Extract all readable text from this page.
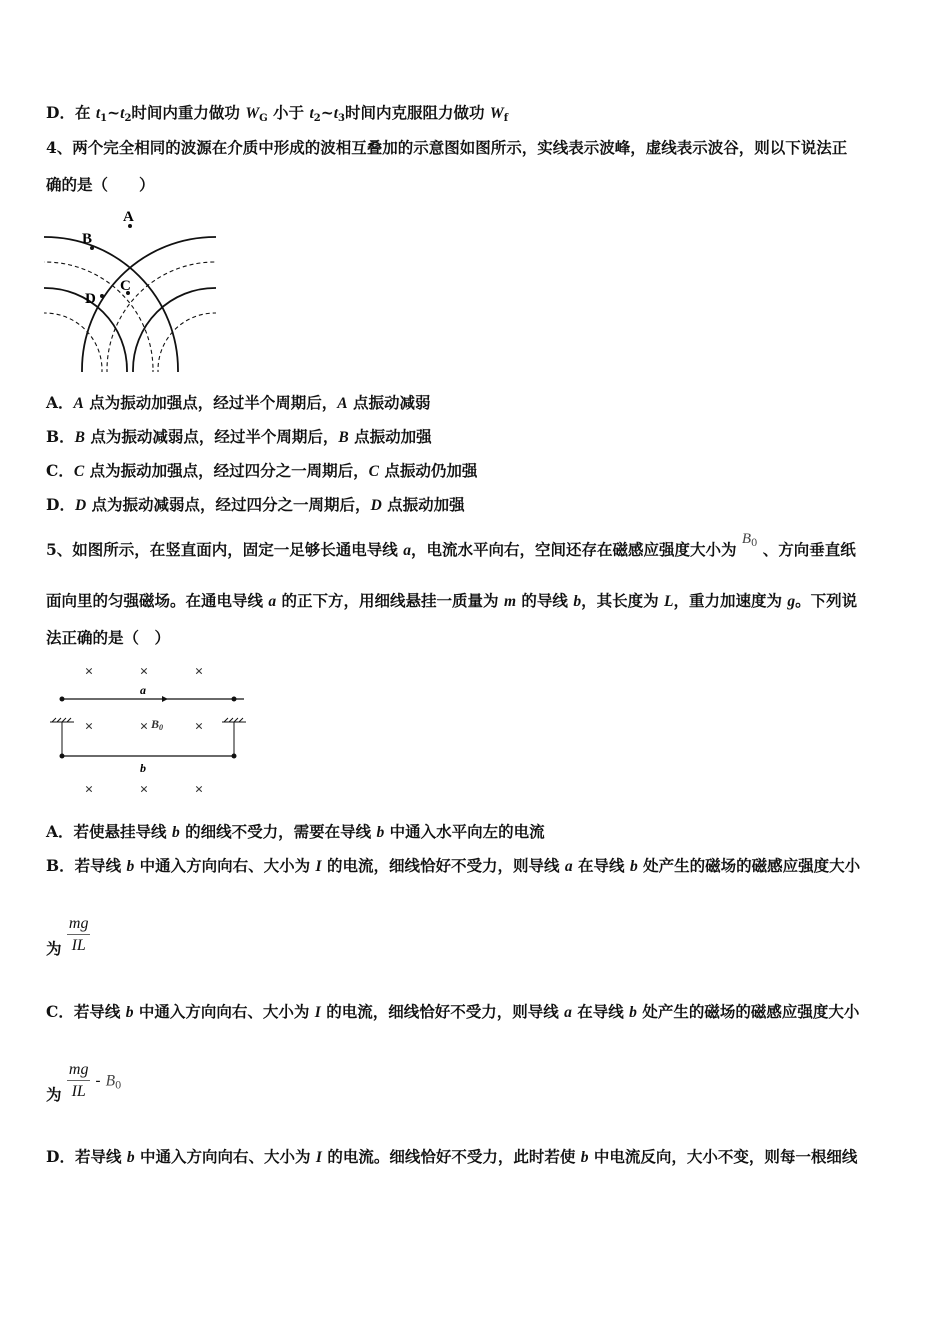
D．在 $t_1\sim t_2$时间内重力做功 $W_G$ 小于 $t_2\sim t_3$时间内克服阻力做功 $W_f$
4、两个完全相同的波源在介质中形成的波相互叠加的示意图如图所示，实线表示波峰，虚线表示波谷，则以下说法正
确的是（　　）
A
B
C
D
A．A 点为振动加强点，经过半个周期后，A 点振动减弱
B．B 点为振动减弱点，经过半个周期后，B 点振动加强
C．C 点为振动加强点，经过四分之一周期后，C 点振动仍加强
D．D 点为振动减弱点，经过四分之一周期后，D 点振动加强
5、如图所示，在竖直面内，固定一足够长通电导线 a，电流水平向右，空间还存在磁感应强度大小为 $B_0$ 、方向垂直纸
面向里的匀强磁场。在通电导线 a 的正下方，用细线悬挂一质量为 m 的导线 b，其长度为 L，重力加速度为 g。下列说
法正确的是（　）
×	×	×
×	×	×
×	×	×
a
b
B0
A．若使悬挂导线 b 的细线不受力，需要在导线 b 中通入水平向左的电流
B．若导线 b 中通入方向向右、大小为 I 的电流，细线恰好不受力，则导线 a 在导线 b 处产生的磁场的磁感应强度大小
为 $\frac{mg}{IL}$
C．若导线 b 中通入方向向右、大小为 I 的电流，细线恰好不受力，则导线 a 在导线 b 处产生的磁场的磁感应强度大小
为 $\frac{mg}{IL} - B_0$
D．若导线 b 中通入方向向右、大小为 I 的电流。细线恰好不受力，此时若使 b 中电流反向，大小不变，则每一根细线
